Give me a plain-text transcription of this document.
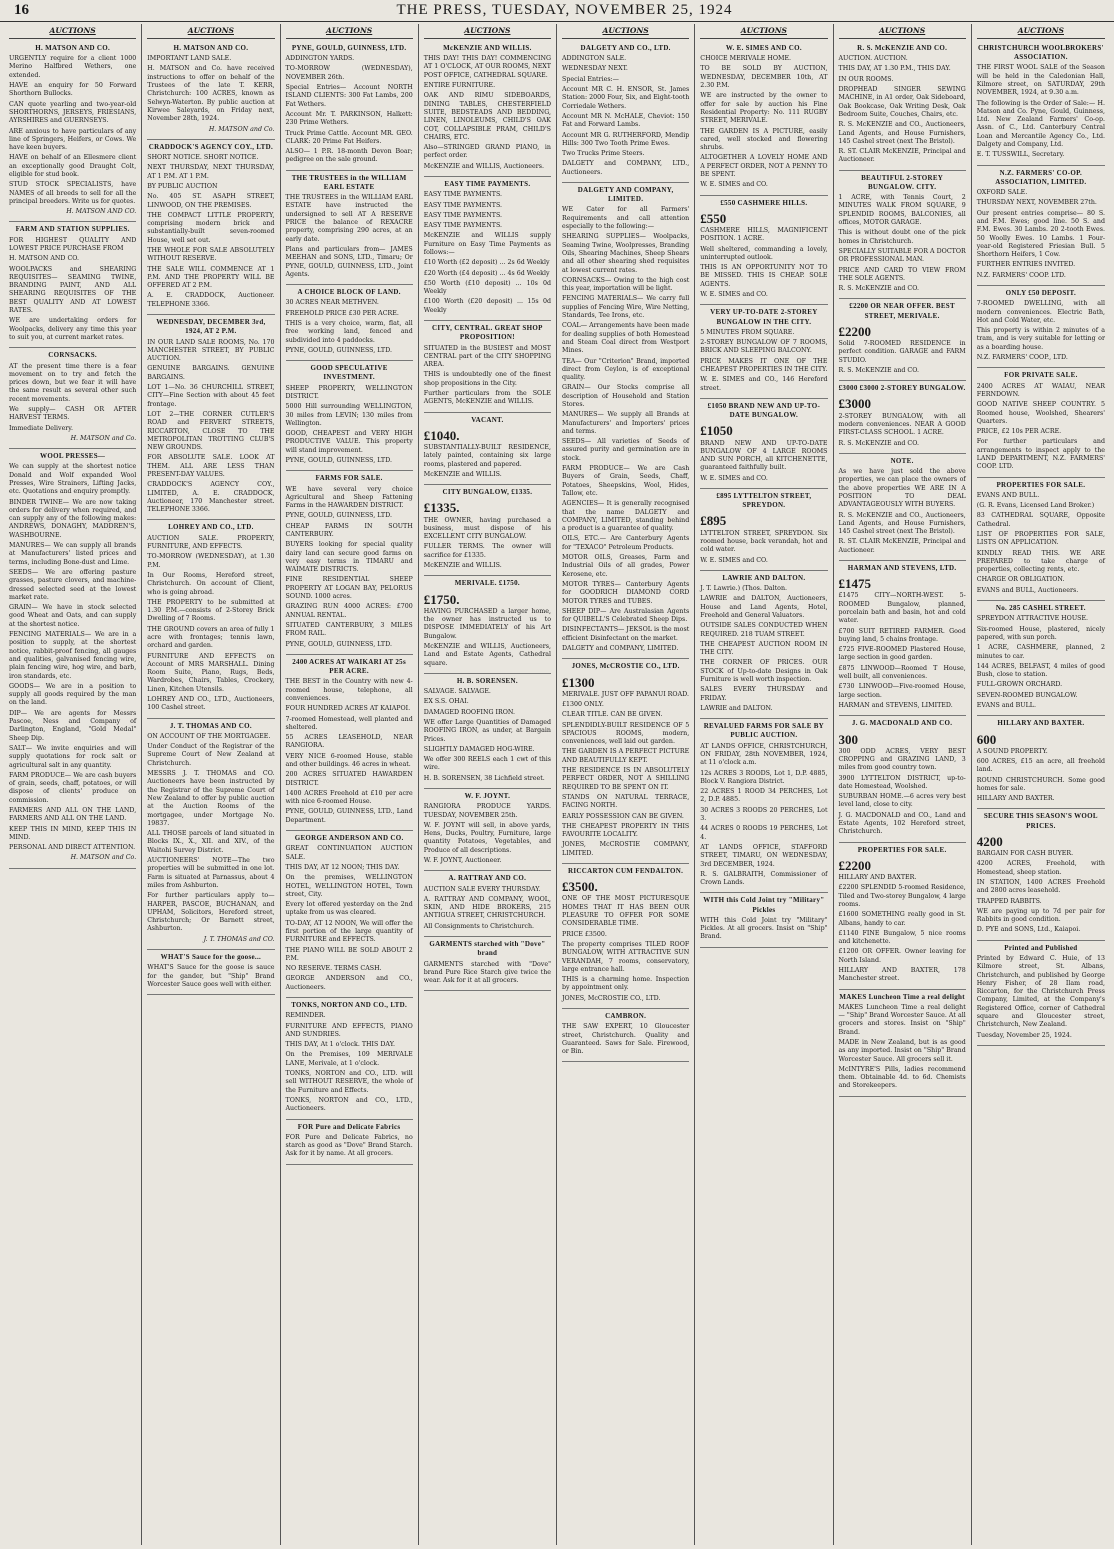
16	THE PRESS, TUESDAY, NOVEMBER 25, 1924
AUCTIONS
H. MATSON AND CO.

URGENTLY require for a client 1000 Merino Halfbred Wethers, one extended.

HAVE an enquiry for 50 Forward Shorthorn Bullocks.

CAN quote yearling and two-year-old SHORTHORNS, JERSEYS, FRIESIANS, AYRSHIRES and GUERNSEYS.

ARE anxious to have particulars of any line of Springers, Heifers, or Cows. We have keen buyers.

HAVE on behalf of an Ellesmere client an exceptionally good Draught Colt, eligible for stud book.

STUD STOCK SPECIALISTS, have NAMES of all breeds to sell for all the principal breeders. Write us for quotes.

H. MATSON AND CO.

FARM AND STATION SUPPLIES.

FOR HIGHEST QUALITY AND LOWEST PRICE PURCHASE FROM

H. MATSON AND CO.

WOOLPACKS and SHEARING REQUISITES— SEAMING TWINE, BRANDING PAINT, AND ALL SHEARING REQUISITES OF THE BEST QUALITY AND AT LOWEST RATES.

WE are undertaking orders for Woolpacks, delivery any time this year to suit you, at current market rates.

CORNSACKS.

AT the present time there is a fear movement on to try and fetch the prices down, but we fear it will have the same result as several other such recent movements.

We supply— CASH OR AFTER HARVEST TERMS.

Immediate Delivery.

H. MATSON and Co.

WOOL PRESSES—

We can supply at the shortest notice Donald and Wolf expanded Wool Presses, Wire Strainers, Lifting Jacks, etc. Quotations and enquiry promptly.

BINDER TWINE— We are now taking orders for delivery when required, and can supply any of the following makes: ANDREWS, DONAGHY, MADDREN'S, WASHBOURNE.

MANURES— We can supply all brands at Manufacturers' listed prices and terms, including Bone-dust and Lime.

SEEDS— We are offering pasture grasses, pasture clovers, and machine-dressed selected seed at the lowest market rate.

GRAIN— We have in stock selected good Wheat and Oats, and can supply at the shortest notice.

FENCING MATERIALS— We are in a position to supply, at the shortest notice, rabbit-proof fencing, all gauges and qualities, galvanised fencing wire, plain fencing wire, hog wire, and barb, iron standards, etc.

GOODS— We are in a position to supply all goods required by the man on the land.

DIP— We are agents for Messrs Pascoe, Ness and Company of Darlington, England, "Gold Medal" Sheep Dip.

SALT— We invite enquiries and will supply quotations for rock salt or agricultural salt in any quantity.

FARM PRODUCE— We are cash buyers of grain, seeds, chaff, potatoes, or will dispose of clients' produce on commission.

FARMERS AND ALL ON THE LAND, FARMERS AND ALL ON THE LAND.

KEEP THIS IN MIND, KEEP THIS IN MIND.

PERSONAL AND DIRECT ATTENTION.

H. MATSON and Co.

AUCTIONS
H. MATSON AND CO.

IMPORTANT LAND SALE.

H. MATSON and Co. have received instructions to offer on behalf of the Trustees of the late T. KERR, Christchurch: 100 ACRES, known as Selwyn-Waterton. By public auction at Kirwee Saleyards, on Friday next, November 28th, 1924.

H. MATSON and Co.

CRADDOCK'S AGENCY COY., LTD.

SHORT NOTICE. SHORT NOTICE.

NEXT THURSDAY, NEXT THURSDAY, AT 1 P.M. AT 1 P.M.

BY PUBLIC AUCTION

No. 405 ST. ASAPH STREET, LINWOOD, ON THE PREMISES.

THE COMPACT LITTLE PROPERTY, comprising modern brick and substantially-built seven-roomed House, well set out.

THE WHOLE FOR SALE ABSOLUTELY WITHOUT RESERVE.

THE SALE WILL COMMENCE AT 1 P.M. AND THE PROPERTY WILL BE OFFERED AT 2 P.M.

A. E. CRADDOCK, Auctioneer. TELEPHONE 3366.

WEDNESDAY, DECEMBER 3rd, 1924, AT 2 P.M.

IN OUR LAND SALE ROOMS, No. 170 MANCHESTER STREET, BY PUBLIC AUCTION.

GENUINE BARGAINS. GENUINE BARGAINS.

LOT 1—No. 36 CHURCHILL STREET, CITY—Fine Section with about 45 feet frontage.

LOT 2—THE CORNER CUTLER'S ROAD and FERVERT STREETS, RICCARTON, CLOSE TO THE METROPOLITAN TROTTING CLUB'S NEW GROUNDS.

FOR ABSOLUTE SALE. LOOK AT THEM. ALL ARE LESS THAN PRESENT-DAY VALUES.

CRADDOCK'S AGENCY COY., LIMITED, A. E. CRADDOCK, Auctioneer, 170 Manchester street. TELEPHONE 3366.

LOHREY AND CO., LTD.

AUCTION SALE. PROPERTY, FURNITURE, AND EFFECTS.

TO-MORROW (WEDNESDAY), at 1.30 P.M.

In Our Rooms, Hereford street, Christchurch. On account of Client, who is going abroad.

THE PROPERTY to be submitted at 1.30 P.M.—consists of 2-Storey Brick Dwelling of 7 Rooms.

THE GROUND covers an area of fully 1 acre with frontages; tennis lawn, orchard and garden.

FURNITURE AND EFFECTS on Account of MRS MARSHALL. Dining Room Suite, Piano, Rugs, Beds, Wardrobes, Chairs, Tables, Crockery, Linen, Kitchen Utensils.

LOHREY AND CO., LTD., Auctioneers, 100 Cashel street.

J. T. THOMAS AND CO.

ON ACCOUNT OF THE MORTGAGEE.

Under Conduct of the Registrar of the Supreme Court of New Zealand at Christchurch.

MESSRS J. T. THOMAS and CO. Auctioneers have been instructed by the Registrar of the Supreme Court of New Zealand to offer by public auction at the Auction Rooms of the mortgagee, under Mortgage No. 19837.

ALL THOSE parcels of land situated in Blocks IX., X., XII. and XIV., of the Waitohi Survey District.

AUCTIONEERS' NOTE—The two properties will be submitted in one lot. Farm is situated at Parnassus, about 4 miles from Ashburton.

For further particulars apply to— HARPER, PASCOE, BUCHANAN, and UPHAM, Solicitors, Hereford street, Christchurch; Or Barnett street, Ashburton.

J. T. THOMAS and CO.

WHAT'S Sauce for the goose...

WHAT'S Sauce for the goose is sauce for the gander, but "Ship" Brand Worcester Sauce goes well with either.

AUCTIONS
PYNE, GOULD, GUINNESS, LTD.

ADDINGTON YARDS.

TO-MORROW (WEDNESDAY), NOVEMBER 26th.

Special Entries— Account NORTH ISLAND CLIENTS: 300 Fat Lambs, 200 Fat Wethers.

Account Mr. T. PARKINSON, Halkett: 230 Prime Wethers.

Truck Prime Cattle. Account MR. GEO. CLARK: 20 Prime Fat Heifers.

ALSO— 1 P.R. 18-month Devon Boar; pedigree on the sale ground.

THE TRUSTEES in the WILLIAM EARL ESTATE

THE TRUSTEES in the WILLIAM EARL ESTATE have instructed the undersigned to sell AT A RESERVE PRICE the balance of REXACRE property, comprising 290 acres, at an early date.

Plans and particulars from— JAMES MEEHAN and SONS, LTD., Timaru; Or PYNE, GOULD, GUINNESS, LTD., Joint Agents.

A CHOICE BLOCK OF LAND.

30 ACRES NEAR METHVEN.

FREEHOLD PRICE £30 PER ACRE.

THIS is a very choice, warm, flat, all free working land, fenced and subdivided into 4 paddocks.

PYNE, GOULD, GUINNESS, LTD.

GOOD SPECULATIVE INVESTMENT.

SHEEP PROPERTY, WELLINGTON DISTRICT.

5000 Hill surrounding WELLINGTON, 30 miles from LEVIN; 130 miles from Wellington.

GOOD, CHEAPEST and VERY HIGH PRODUCTIVE VALUE. This property will stand improvement.

PYNE, GOULD, GUINNESS, LTD.

FARMS FOR SALE.

WE have several very choice Agricultural and Sheep Fattening Farms in the HAWARDEN DISTRICT.

PYNE, GOULD, GUINNESS, LTD.

CHEAP FARMS IN SOUTH CANTERBURY.

BUYERS looking for special quality dairy land can secure good farms on very easy terms in TIMARU and WAIMATE DISTRICTS.

FINE RESIDENTIAL SHEEP PROPERTY AT LOGAN BAY, PELORUS SOUND. 1000 acres.

GRAZING RUN 4000 ACRES: £700 ANNUAL RENTAL.

SITUATED CANTERBURY, 3 MILES FROM RAIL.

PYNE, GOULD, GUINNESS, LTD.

2400 ACRES AT WAIKARI AT 25s PER ACRE.

THE BEST in the Country with new 4-roomed house, telephone, all conveniences.

FOUR HUNDRED ACRES AT KAIAPOI.

7-roomed Homestead, well planted and sheltered.

55 ACRES LEASEHOLD, NEAR RANGIORA.

VERY NICE 6-roomed House, stable and other buildings. 46 acres in wheat.

200 ACRES SITUATED HAWARDEN DISTRICT.

1400 ACRES Freehold at £10 per acre with nice 6-roomed House.

PYNE, GOULD, GUINNESS, LTD., Land Department.

GEORGE ANDERSON AND CO.

GREAT CONTINUATION AUCTION SALE.

THIS DAY, AT 12 NOON; THIS DAY.

On the premises, WELLINGTON HOTEL, WELLINGTON HOTEL, Town street, City.

Every lot offered yesterday on the 2nd uptake from us was cleared.

TO-DAY, AT 12 NOON, We will offer the first portion of the large quantity of FURNITURE and EFFECTS.

THE PIANO WILL BE SOLD ABOUT 2 P.M.

NO RESERVE. TERMS CASH.

GEORGE ANDERSON and CO., Auctioneers.

TONKS, NORTON AND CO., LTD.

REMINDER.

FURNITURE AND EFFECTS, PIANO AND SUNDRIES.

THIS DAY, At 1 o'clock. THIS DAY.

On the Premises, 109 MERIVALE LANE, Merivale, at 1 o'clock.

TONKS, NORTON and CO., LTD. will sell WITHOUT RESERVE, the whole of the Furniture and Effects.

TONKS, NORTON and CO., LTD., Auctioneers.

FOR Pure and Delicate Fabrics

FOR Pure and Delicate Fabrics, no starch as good as "Dove" Brand Starch. Ask for it by name. At all grocers.

AUCTIONS
McKENZIE AND WILLIS.

THIS DAY! THIS DAY! COMMENCING AT 1 O'CLOCK, AT OUR ROOMS, NEXT POST OFFICE, CATHEDRAL SQUARE.

ENTIRE FURNITURE.

OAK AND RIMU SIDEBOARDS, DINING TABLES, CHESTERFIELD SUITE, BEDSTEADS AND BEDDING, LINEN, LINOLEUMS, CHILD'S OAK COT, COLLAPSIBLE PRAM, CHILD'S CHAIRS, ETC.

Also—STRINGED GRAND PIANO, in perfect order.

McKENZIE and WILLIS, Auctioneers.

EASY TIME PAYMENTS.

EASY TIME PAYMENTS.

EASY TIME PAYMENTS.

EASY TIME PAYMENTS.

EASY TIME PAYMENTS.

McKENZIE and WILLIS supply Furniture on Easy Time Payments as follows:—

£10 Worth (£2 deposit) ... 2s 6d Weekly

£20 Worth (£4 deposit) ... 4s 6d Weekly

£50 Worth (£10 deposit) ... 10s 0d Weekly

£100 Worth (£20 deposit) ... 15s 0d Weekly

CITY, CENTRAL. GREAT SHOP PROPOSITION!

SITUATED in the BUSIEST and MOST CENTRAL part of the CITY SHOPPING AREA.

THIS is undoubtedly one of the finest shop propositions in the City.

Further particulars from the SOLE AGENTS, McKENZIE and WILLIS.

VACANT.
£1040.

SUBSTANTIALLY-BUILT RESIDENCE, lately painted, containing six large rooms, plastered and papered.

McKENZIE and WILLIS.

CITY BUNGALOW, £1335.
£1335.

THE OWNER, having purchased a business, must dispose of his EXCELLENT CITY BUNGALOW.

FULLER TERMS. The owner will sacrifice for £1335.

McKENZIE and WILLIS.

MERIVALE. £1750.
£1750.

HAVING PURCHASED a larger home, the owner has instructed us to DISPOSE IMMEDIATELY of his Art Bungalow.

McKENZIE and WILLIS, Auctioneers, Land and Estate Agents, Cathedral square.

H. B. SORENSEN.

SALVAGE. SALVAGE.

EX S.S. OHAI.

DAMAGED ROOFING IRON.

WE offer Large Quantities of Damaged ROOFING IRON, as under, at Bargain Prices.

SLIGHTLY DAMAGED HOG-WIRE.

We offer 300 REELS each 1 cwt of this wire.

H. B. SORENSEN, 38 Lichfield street.

W. F. JOYNT.

RANGIORA PRODUCE YARDS. TUESDAY, NOVEMBER 25th.

W. F. JOYNT will sell, in above yards, Hens, Ducks, Poultry, Furniture, large quantity Potatoes, Vegetables, and Produce of all descriptions.

W. F. JOYNT, Auctioneer.

A. RATTRAY AND CO.

AUCTION SALE EVERY THURSDAY.

A. RATTRAY AND COMPANY, WOOL, SKIN, AND HIDE BROKERS, 215 ANTIGUA STREET, CHRISTCHURCH.

All Consignments to Christchurch.

GARMENTS starched with "Dove" brand

GARMENTS starched with "Dove" brand Pure Rice Starch give twice the wear. Ask for it at all grocers.

AUCTIONS
DALGETY AND CO., LTD.

ADDINGTON SALE.

WEDNESDAY NEXT.

Special Entries:—

Account MR C. H. ENSOR, St. James Station: 2000 Four, Six, and Eight-tooth Corriedale Wethers.

Account MR N. McHALE, Cheviot: 150 Fat and Forward Lambs.

Account MR G. RUTHERFORD, Mendip Hills: 300 Two Tooth Prime Ewes.

Two Trucks Prime Steers.

DALGETY and COMPANY, LTD., Auctioneers.

DALGETY AND COMPANY, LIMITED.

WE Cater for all Farmers' Requirements and call attention especially to the following:—

SHEARING SUPPLIES— Woolpacks, Seaming Twine, Woolpresses, Branding Oils, Shearing Machines, Sheep Shears and all other shearing shed requisites at lowest current rates.

CORNSACKS— Owing to the high cost this year, importation will be light.

FENCING MATERIALS— We carry full supplies of Fencing Wire, Wire Netting, Standards, Tee Irons, etc.

COAL— Arrangements have been made for dealing supplies of both Homestead and Steam Coal direct from Westport Mines.

TEA— Our "Criterion" Brand, imported direct from Ceylon, is of exceptional quality.

GRAIN— Our Stocks comprise all description of Household and Station Stores.

MANURES— We supply all Brands at Manufacturers' and Importers' prices and terms.

SEEDS— All varieties of Seeds of assured purity and germination are in stock.

FARM PRODUCE— We are Cash Buyers of Grain, Seeds, Chaff, Potatoes, Sheepskins, Wool, Hides, Tallow, etc.

AGENCIES— It is generally recognised that the name DALGETY and COMPANY, LIMITED, standing behind a product is a guarantee of quality.

OILS, ETC.— Are Canterbury Agents for "TEXACO" Petroleum Products.

MOTOR OILS, Greases, Farm and Industrial Oils of all grades, Power Kerosene, etc.

MOTOR TYRES— Canterbury Agents for GOODRICH DIAMOND CORD MOTOR TYRES and TUBES.

SHEEP DIP— Are Australasian Agents for QUIBELL'S Celebrated Sheep Dips.

DISINFECTANTS— JEKSOL is the most efficient Disinfectant on the market.

DALGETY and COMPANY, LIMITED.

JONES, McCROSTIE CO., LTD.
£1300

MERIVALE. JUST OFF PAPANUI ROAD.

£1300 ONLY.

CLEAR TITLE. CAN BE GIVEN.

SPLENDIDLY-BUILT RESIDENCE OF 5 SPACIOUS ROOMS, modern, conveniences, well laid out garden.

THE GARDEN IS A PERFECT PICTURE AND BEAUTIFULLY KEPT.

THE RESIDENCE IS IN ABSOLUTELY PERFECT ORDER, NOT A SHILLING REQUIRED TO BE SPENT ON IT.

STANDS ON NATURAL TERRACE, FACING NORTH.

EARLY POSSESSION CAN BE GIVEN.

THE CHEAPEST PROPERTY IN THIS FAVOURITE LOCALITY.

JONES, McCROSTIE COMPANY, LIMITED.

RICCARTON CUM FENDALTON.
£3500.

ONE OF THE MOST PICTURESQUE HOMES THAT IT HAS BEEN OUR PLEASURE TO OFFER FOR SOME CONSIDERABLE TIME.

PRICE £3500.

The property comprises TILED ROOF BUNGALOW, WITH ATTRACTIVE SUN VERANDAH, 7 rooms, conservatory, large entrance hall.

THIS is a charming home. Inspection by appointment only.

JONES, McCROSTIE CO., LTD.

CAMBRON.

THE SAW EXPERT, 10 Gloucester street, Christchurch. Quality and Guaranteed. Saws for Sale. Firewood, or Bin.

AUCTIONS
W. E. SIMES AND CO.

CHOICE MERIVALE HOME.

TO BE SOLD BY AUCTION, WEDNESDAY, DECEMBER 10th, AT 2.30 P.M.

WE are instructed by the owner to offer for sale by auction his Fine Residential Property: No. 111 RUGBY STREET, MERIVALE.

THE GARDEN IS A PICTURE, easily cared, well stocked and flowering shrubs.

ALTOGETHER A LOVELY HOME AND A PERFECT ORDER, NOT A PENNY TO BE SPENT.

W. E. SIMES and CO.

£550 CASHMERE HILLS.
£550

CASHMERE HILLS, MAGNIFICENT POSITION. 1 ACRE.

Well sheltered, commanding a lovely, uninterrupted outlook.

THIS IS AN OPPORTUNITY NOT TO BE MISSED. THIS IS CHEAP. SOLE AGENTS.

W. E. SIMES and CO.

VERY UP-TO-DATE 2-STOREY BUNGALOW IN THE CITY.

5 MINUTES FROM SQUARE.

2-STOREY BUNGALOW OF 7 ROOMS, BRICK AND SLEEPING BALCONY.

PRICE MAKES IT ONE OF THE CHEAPEST PROPERTIES IN THE CITY.

W. E. SIMES and CO., 146 Hereford street.

£1050 BRAND NEW AND UP-TO-DATE BUNGALOW.
£1050

BRAND NEW AND UP-TO-DATE BUNGALOW OF 4 LARGE ROOMS AND SUN PORCH, all KITCHENETTE, guaranteed faithfully built.

W. E. SIMES and CO.

£895 LYTTELTON STREET, SPREYDON.
£895

LYTTELTON STREET, SPREYDON. Six roomed house, back verandah, hot and cold water.

W. E. SIMES and CO.

LAWRIE AND DALTON.

J. T. Lawrie.) (Thos. Dalton.

LAWRIE and DALTON, Auctioneers, House and Land Agents, Hotel, Freehold and General Valuators.

OUTSIDE SALES CONDUCTED WHEN REQUIRED. 218 TUAM STREET.

THE CHEAPEST AUCTION ROOM IN THE CITY.

THE CORNER OF PRICES. OUR STOCK of Up-to-date Designs in Oak Furniture is well worth inspection.

SALES EVERY THURSDAY and FRIDAY.

LAWRIE and DALTON.

REVALUED FARMS FOR SALE BY PUBLIC AUCTION.

AT LANDS OFFICE, CHRISTCHURCH, ON FRIDAY, 28th NOVEMBER, 1924, at 11 o'clock a.m.

12s ACRES 3 ROODS, Lot 1, D.P. 4885, Block V. Rangiora District.

22 ACRES 1 ROOD 34 PERCHES, Lot 2, D.P. 4885.

30 ACRES 3 ROODS 20 PERCHES, Lot 3.

44 ACRES 0 ROODS 19 PERCHES, Lot 4.

AT LANDS OFFICE, STAFFORD STREET, TIMARU, ON WEDNESDAY, 3rd DECEMBER, 1924.

R. S. GALBRAITH, Commissioner of Crown Lands.

WITH this Cold Joint try "Military" Pickles

WITH this Cold Joint try "Military" Pickles. At all grocers. Insist on "Ship" Brand.

AUCTIONS
R. S. McKENZIE AND CO.

AUCTION. AUCTION.

THIS DAY, AT 1.30 P.M., THIS DAY.

IN OUR ROOMS.

DROPHEAD SINGER SEWING MACHINE, in A1 order, Oak Sideboard, Oak Bookcase, Oak Writing Desk, Oak Bedroom Suite, Couches, Chairs, etc.

R. S. McKENZIE and CO., Auctioneers, Land Agents, and House Furnishers, 145 Cashel street (next The Bristol).

R. ST. CLAIR McKENZIE, Principal and Auctioneer.

BEAUTIFUL 2-STOREY BUNGALOW. CITY.

1 ACRE, with Tennis Court, 2 MINUTES WALK FROM SQUARE, 9 SPLENDID ROOMS, BALCONIES, all offices, MOTOR GARAGE.

This is without doubt one of the pick homes in Christchurch.

SPECIALLY SUITABLE FOR A DOCTOR OR PROFESSIONAL MAN.

PRICE AND CARD TO VIEW FROM THE SOLE AGENTS.

R. S. McKENZIE and CO.

£2200 OR NEAR OFFER. BEST STREET, MERIVALE.
£2200

Solid 7-ROOMED RESIDENCE in perfect condition. GARAGE and FARM STUDIO.

R. S. McKENZIE and CO.

£3000 £3000 2-STOREY BUNGALOW.
£3000

2-STOREY BUNGALOW, with all modern conveniences. NEAR A GOOD FIRST-CLASS SCHOOL. 1 ACRE.

R. S. McKENZIE and CO.

NOTE.

As we have just sold the above properties, we can place the owners of the above properties WE ARE IN A POSITION TO DEAL ADVANTAGEOUSLY WITH BUYERS.

R. S. McKENZIE and CO., Auctioneers, Land Agents, and House Furnishers, 145 Cashel street (next The Bristol).

R. ST. CLAIR McKENZIE, Principal and Auctioneer.

HARMAN AND STEVENS, LTD.
£1475

£1475 CITY—NORTH-WEST. 5-ROOMED Bungalow, planned, porcelain bath and basin, hot and cold water.

£700 SUIT RETIRED FARMER. Good buying land, 5 chains frontage.

£725 FIVE-ROOMED Plastered House, large section in good garden.

£875 LINWOOD—Roomed T House, well built, all conveniences.

£730 LINWOOD—Five-roomed House, large section.

HARMAN and STEVENS, LIMITED.

J. G. MACDONALD AND CO.
300

300 ODD ACRES, VERY BEST CROPPING and GRAZING LAND, 3 miles from good country town.

3900 LYTTELTON DISTRICT, up-to-date Homestead, Woolshed.

SUBURBAN HOME.—6 acres very best level land, close to city.

J. G. MACDONALD and CO., Land and Estate Agents, 102 Hereford street, Christchurch.

PROPERTIES FOR SALE.
£2200

HILLARY AND BAXTER.

£2200 SPLENDID 5-roomed Residence, Tiled and Two-storey Bungalow, 4 large rooms.

£1600 SOMETHING really good in St. Albans, handy to car.

£1140 FINE Bungalow, 5 nice rooms and kitchenette.

£1200 OR OFFER. Owner leaving for North Island.

HILLARY AND BAXTER, 178 Manchester street.

MAKES Luncheon Time a real delight

MAKES Luncheon Time a real delight — "Ship" Brand Worcester Sauce. At all grocers and stores. Insist on "Ship" Brand.

MADE in New Zealand, but is as good as any imported. Insist on "Ship" Brand Worcester Sauce. All grocers sell it.

McINTYRE'S Pills, ladies recommend them. Obtainable 4d. to 6d. Chemists and Storekeepers.

AUCTIONS
CHRISTCHURCH WOOLBROKERS' ASSOCIATION.

THE FIRST WOOL SALE of the Season will be held in the Caledonian Hall, Kilmore street, on SATURDAY, 29th NOVEMBER, 1924, at 9.30 a.m.

The following is the Order of Sale:— H. Matson and Co. Pyne, Gould, Guinness, Ltd. New Zealand Farmers' Co-op. Assn. of C., Ltd. Canterbury Central Loan and Mercantile Agency Co., Ltd. Dalgety and Company, Ltd.

E. T. TUSSWILL, Secretary.

N.Z. FARMERS' CO-OP. ASSOCIATION, LIMITED.

OXFORD SALE.

THURSDAY NEXT, NOVEMBER 27th.

Our present entries comprise— 80 S. and F.M. Ewes; good line. 50 S. and F.M. Ewes. 30 Lambs. 20 2-tooth Ewes. 50 Woolly Ewes. 10 Lambs. 1 Four-year-old Registered Friesian Bull. 5 Shorthorn Heifers, 1 Cow.

FURTHER ENTRIES INVITED.

N.Z. FARMERS' COOP. LTD.

ONLY £50 DEPOSIT.

7-ROOMED DWELLING, with all modern conveniences. Electric Bath, Hot and Cold Water, etc.

This property is within 2 minutes of a tram, and is very suitable for letting or as a boarding house.

N.Z. FARMERS' COOP., LTD.

FOR PRIVATE SALE.

2400 ACRES AT WAIAU, NEAR FERNDOWN.

GOOD NATIVE SHEEP COUNTRY. 5 Roomed house, Woolshed, Shearers' Quarters.

PRICE, £2 10s PER ACRE.

For further particulars and arrangements to inspect apply to the LAND DEPARTMENT, N.Z. FARMERS' COOP. LTD.

PROPERTIES FOR SALE.

EVANS AND BULL.

(G. R. Evans, Licensed Land Broker.)

83 CATHEDRAL SQUARE, Opposite Cathedral.

LIST OF PROPERTIES FOR SALE, LISTS ON APPLICATION.

KINDLY READ THIS. WE ARE PREPARED to take charge of properties, collecting rents, etc.

CHARGE OR OBLIGATION.

EVANS and BULL, Auctioneers.

No. 285 CASHEL STREET.

SPREYDON ATTRACTIVE HOUSE.

Six-roomed House, plastered, nicely papered, with sun porch.

1 ACRE, CASHMERE, planned, 2 minutes to car.

144 ACRES, BELFAST, 4 miles of good Bush, close to station.

FULL-GROWN ORCHARD.

SEVEN-ROOMED BUNGALOW.

EVANS and BULL.

HILLARY AND BAXTER.
600

A SOUND PROPERTY.

600 ACRES, £15 an acre, all freehold land.

ROUND CHRISTCHURCH. Some good homes for sale.

HILLARY AND BAXTER.

SECURE THIS SEASON'S WOOL PRICES.
4200

BARGAIN FOR CASH BUYER.

4200 ACRES, Freehold, with Homestead, sheep station.

IN STATION, 1400 ACRES Freehold and 2800 acres leasehold.

TRAPPED RABBITS.

WE are paying up to 7d per pair for Rabbits in good condition.

D. PYE and SONS, Ltd., Kaiapoi.

Printed and Published

Printed by Edward C. Huie, of 13 Kilmore street, St. Albans, Christchurch, and published by George Henry Fisher, of 28 Ilam road, Riccarton, for the Christchurch Press Company, Limited, at the Company's Registered Office, corner of Cathedral square and Gloucester street, Christchurch, New Zealand.

Tuesday, November 25, 1924.
